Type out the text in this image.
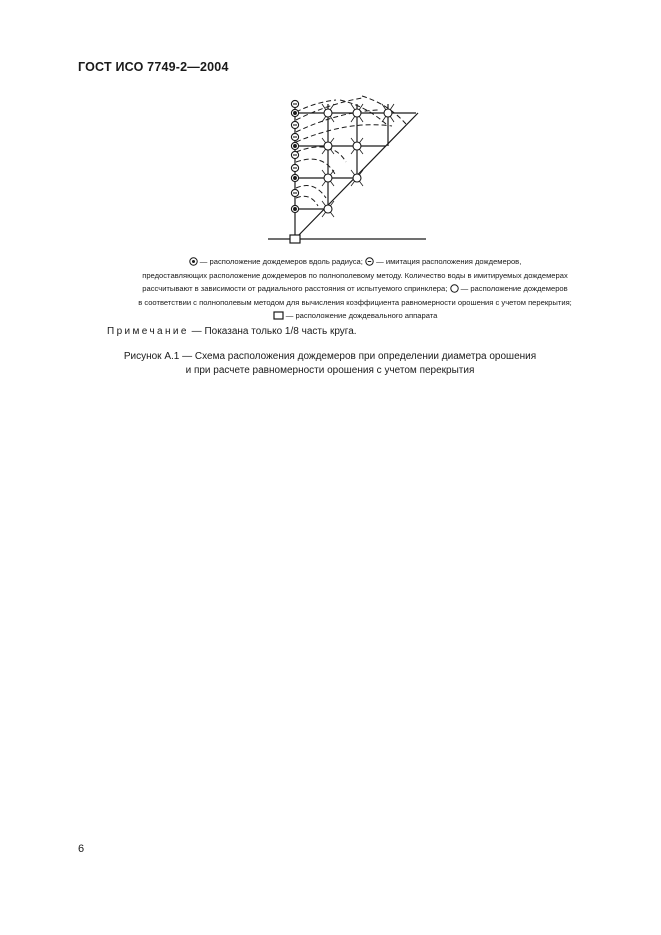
ГОСТ ИСО 7749-2—2004
— расположение дождемеров вдоль радиуса; — имитация расположения дождемеров,
предоставляющих расположение дождемеров по полнополевому методу. Количество воды в имитируемых дождемерах
рассчитывают в зависимости от радиального расстояния от испытуемого спринклера; — расположение дождемеров
в соответствии с полнополевым методом для вычисления коэффициента равномерности орошения с учетом перекрытия;
— расположение дождевального аппарата
Примечание — Показана только 1/8 часть круга.
Рисунок А.1 — Схема расположения дождемеров при определении диаметра орошения
и при расчете равномерности орошения с учетом перекрытия
6
